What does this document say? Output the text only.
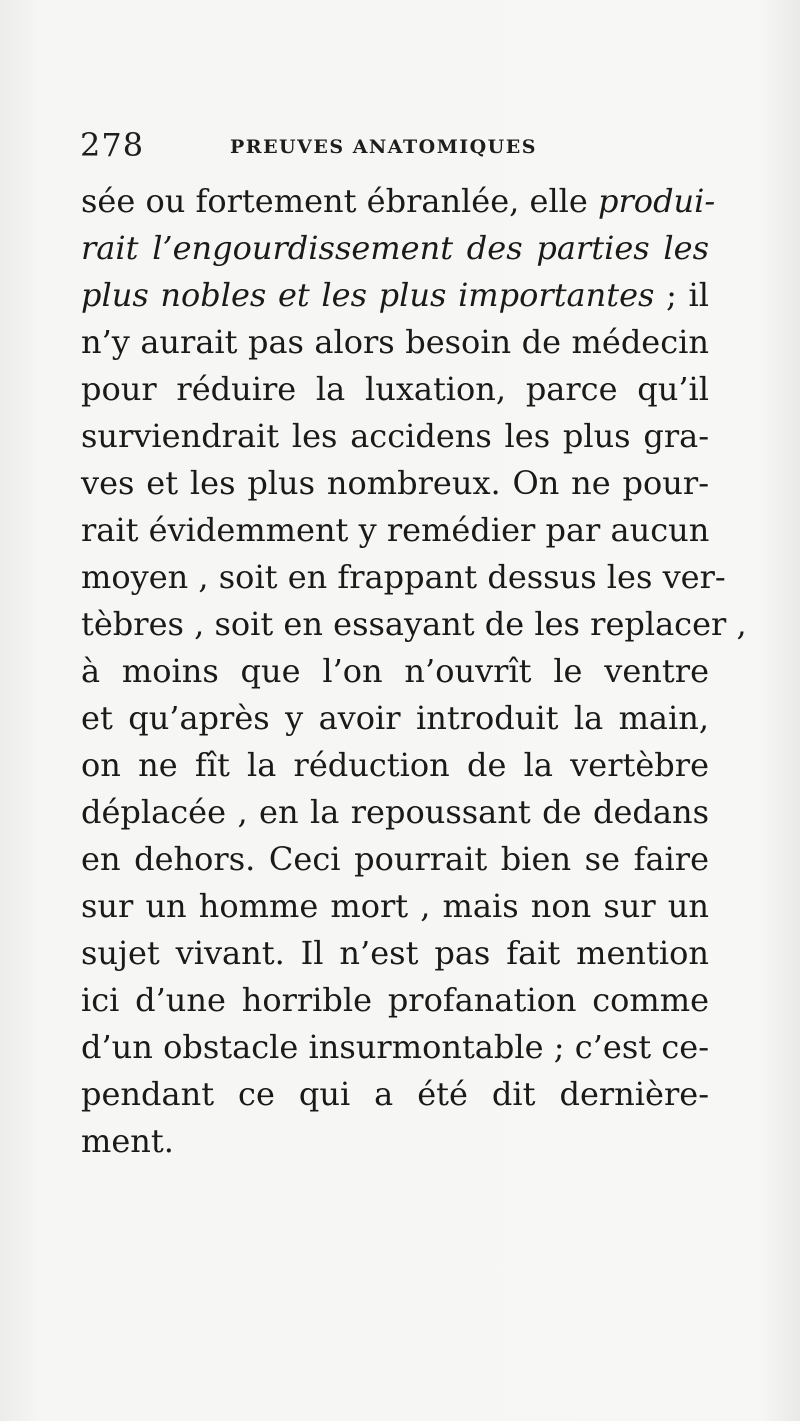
278	PREUVES ANATOMIQUES
sée ou fortement ébranlée, elle produi-
rait l’engourdissement des parties les
plus nobles et les plus importantes ; il
n’y aurait pas alors besoin de médecin
pour réduire la luxation, parce qu’il
surviendrait les accidens les plus gra-
ves et les plus nombreux. On ne pour-
rait évidemment y remédier par aucun
moyen , soit en frappant dessus les ver-
tèbres , soit en essayant de les replacer ,
à moins que l’on n’ouvrît le ventre
et qu’après y avoir introduit la main,
on ne fît la réduction de la vertèbre
déplacée , en la repoussant de dedans
en dehors. Ceci pourrait bien se faire
sur un homme mort , mais non sur un
sujet vivant. Il n’est pas fait mention
ici d’une horrible profanation comme
d’un obstacle insurmontable ; c’est ce-
pendant ce qui a été dit dernière-
ment.
